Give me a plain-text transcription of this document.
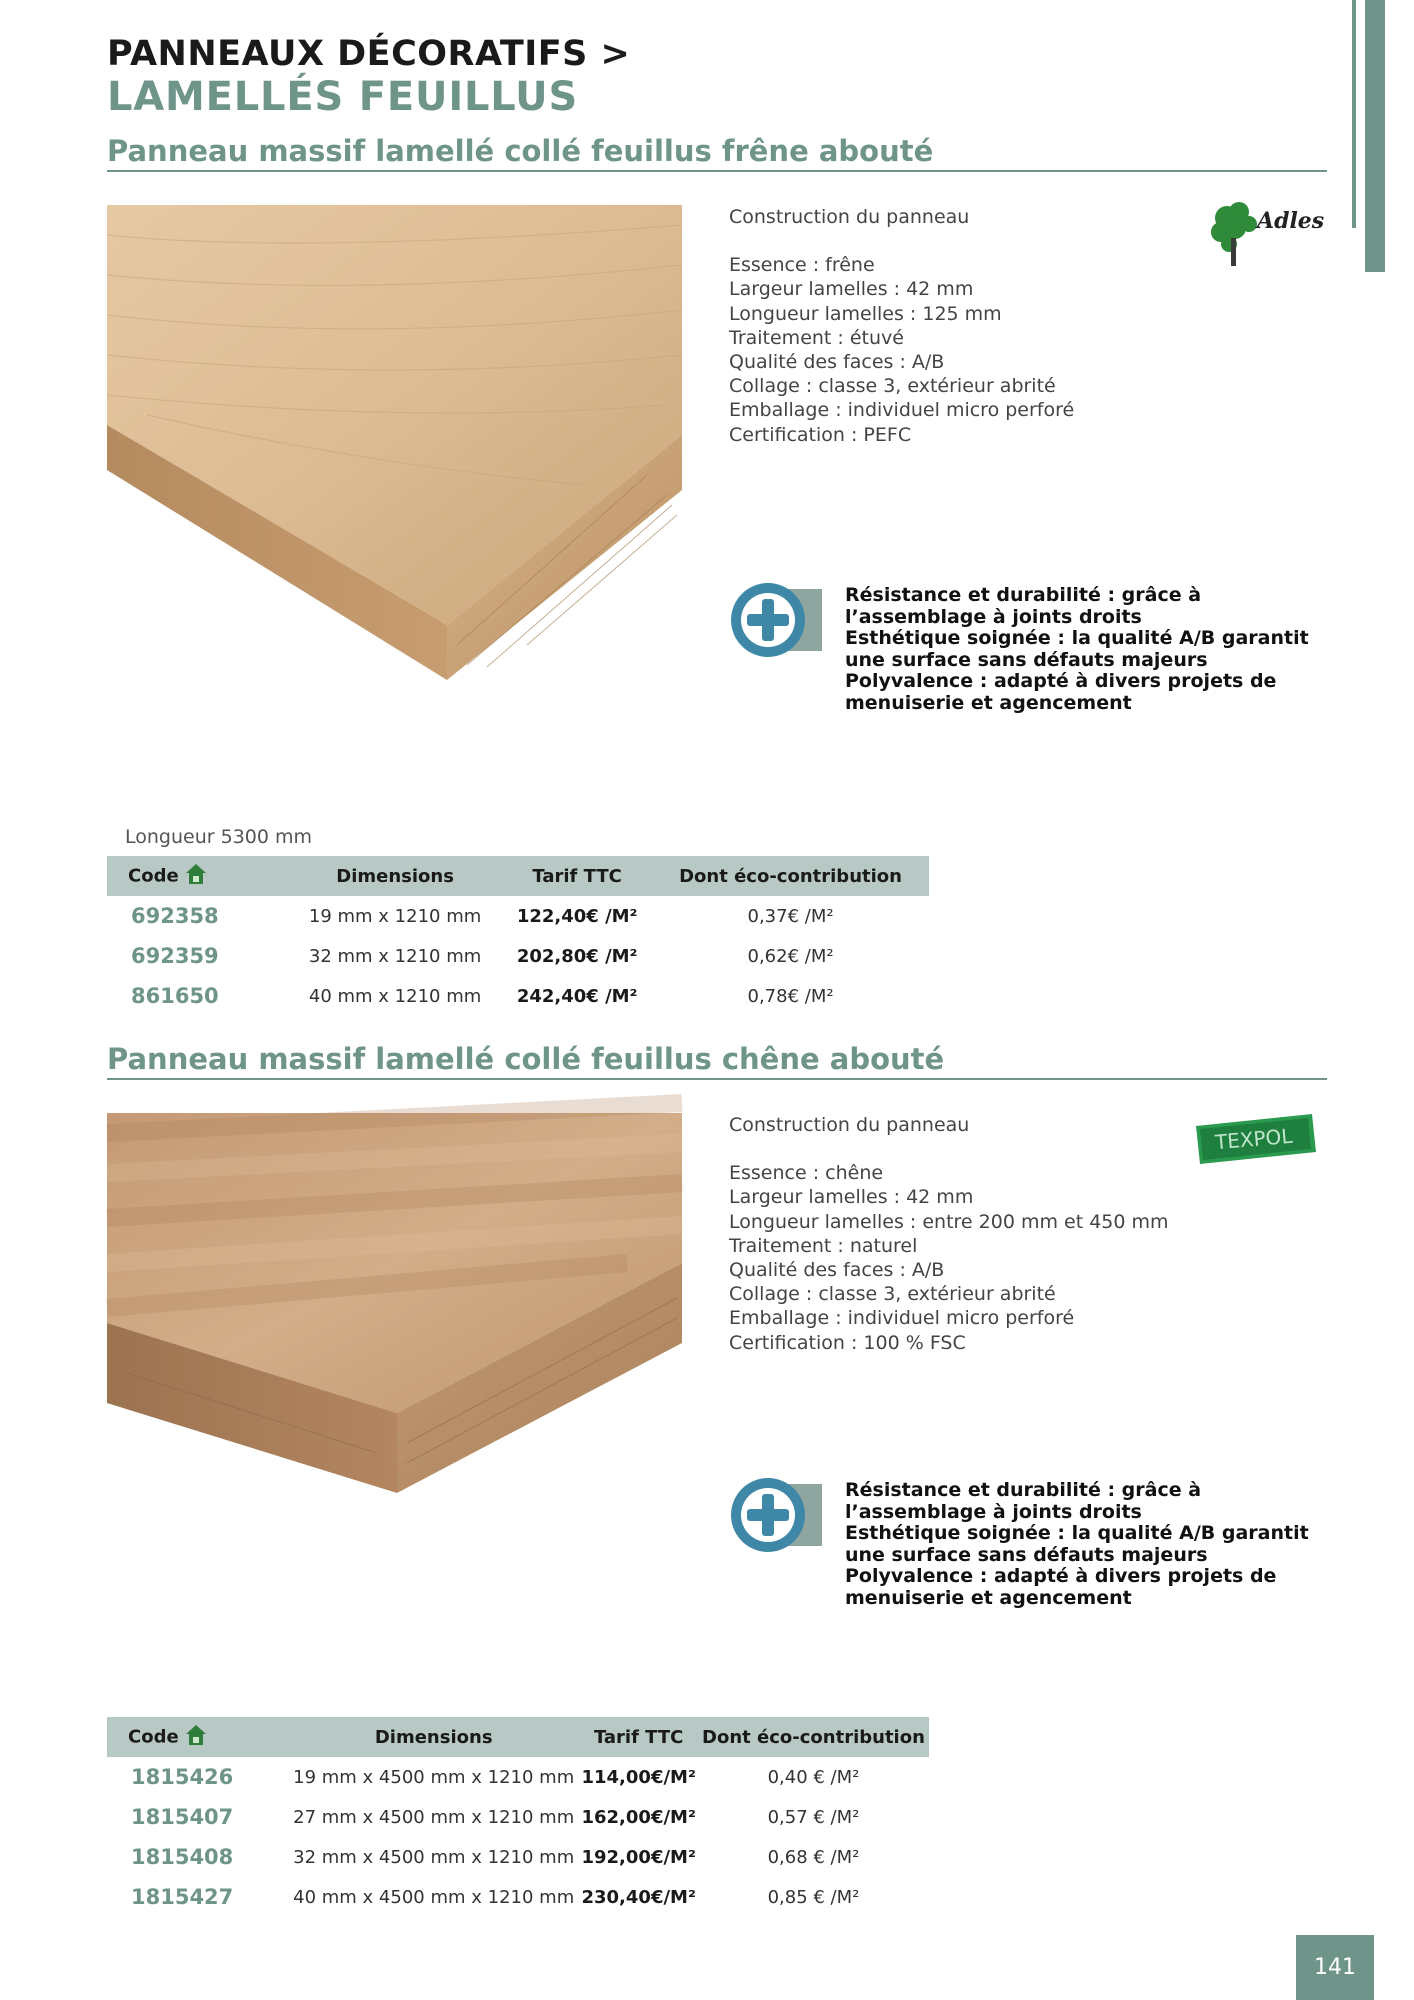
PANNEAUX DÉCORATIFS >
LAMELLÉS FEUILLUS
Panneau massif lamellé collé feuillus frêne abouté
Construction du panneau
Essence : frêne
Largeur lamelles : 42 mm
Longueur lamelles : 125 mm
Traitement : étuvé
Qualité des faces : A/B
Collage : classe 3, extérieur abrité
Emballage : individuel micro perforé
Certification : PEFC
Adles
Résistance et durabilité : grâce à l’assemblage à joints droits
Esthétique soignée : la qualité A/B garantit une surface sans défauts majeurs
Polyvalence : adapté à divers projets de menuiserie et agencement
Longueur 5300 mm
Code	Dimensions	Tarif TTC	Dont éco-contribution
692358	19 mm x 1210 mm	122,40€ /M²	0,37€ /M²
692359	32 mm x 1210 mm	202,80€ /M²	0,62€ /M²
861650	40 mm x 1210 mm	242,40€ /M²	0,78€ /M²
Panneau massif lamellé collé feuillus chêne abouté
Construction du panneau
Essence : chêne
Largeur lamelles : 42 mm
Longueur lamelles : entre 200 mm et 450 mm
Traitement : naturel
Qualité des faces : A/B
Collage : classe 3, extérieur abrité
Emballage : individuel micro perforé
Certification : 100 % FSC
TEXPOL
Résistance et durabilité : grâce à l’assemblage à joints droits
Esthétique soignée : la qualité A/B garantit une surface sans défauts majeurs
Polyvalence : adapté à divers projets de menuiserie et agencement
Code	Dimensions	Tarif TTC	Dont éco-contribution
1815426	19 mm x 4500 mm x 1210 mm	114,00€/M²	0,40 € /M²
1815407	27 mm x 4500 mm x 1210 mm	162,00€/M²	0,57 € /M²
1815408	32 mm x 4500 mm x 1210 mm	192,00€/M²	0,68 € /M²
1815427	40 mm x 4500 mm x 1210 mm	230,40€/M²	0,85 € /M²
141
